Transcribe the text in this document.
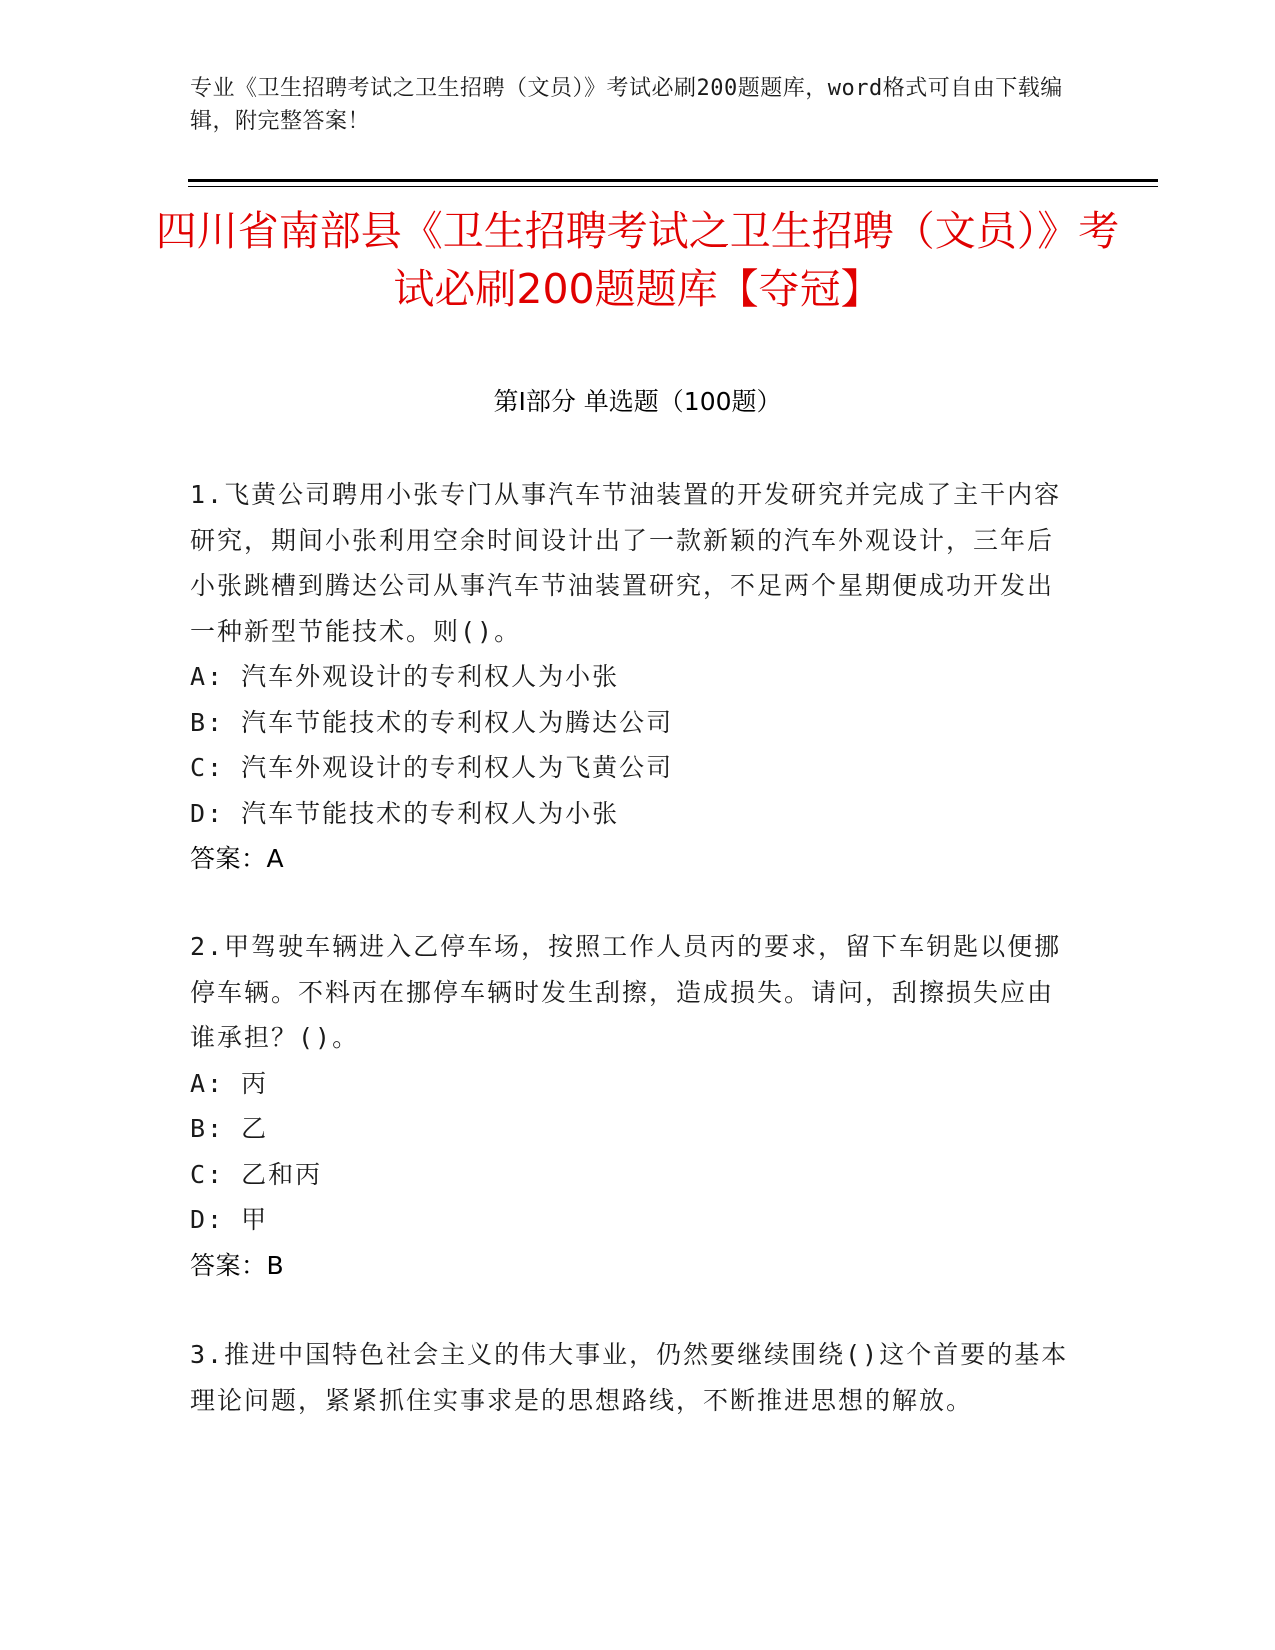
专业《卫生招聘考试之卫生招聘（文员）》考试必刷200题题库，word格式可自由下载编辑，附完整答案！
四川省南部县《卫生招聘考试之卫生招聘（文员）》考试必刷200题题库【夺冠】
第I部分 单选题（100题）

1.飞黄公司聘用小张专门从事汽车节油装置的开发研究并完成了主干内容研究，期间小张利用空余时间设计出了一款新颖的汽车外观设计，三年后小张跳槽到腾达公司从事汽车节油装置研究，不足两个星期便成功开发出一种新型节能技术。则()。

A: 汽车外观设计的专利权人为小张

B: 汽车节能技术的专利权人为腾达公司

C: 汽车外观设计的专利权人为飞黄公司

D: 汽车节能技术的专利权人为小张

答案：A

2.甲驾驶车辆进入乙停车场，按照工作人员丙的要求，留下车钥匙以便挪停车辆。不料丙在挪停车辆时发生刮擦，造成损失。请问，刮擦损失应由谁承担？()。

A: 丙

B: 乙

C: 乙和丙

D: 甲

答案：B

3.推进中国特色社会主义的伟大事业，仍然要继续围绕()这个首要的基本理论问题，紧紧抓住实事求是的思想路线，不断推进思想的解放。
